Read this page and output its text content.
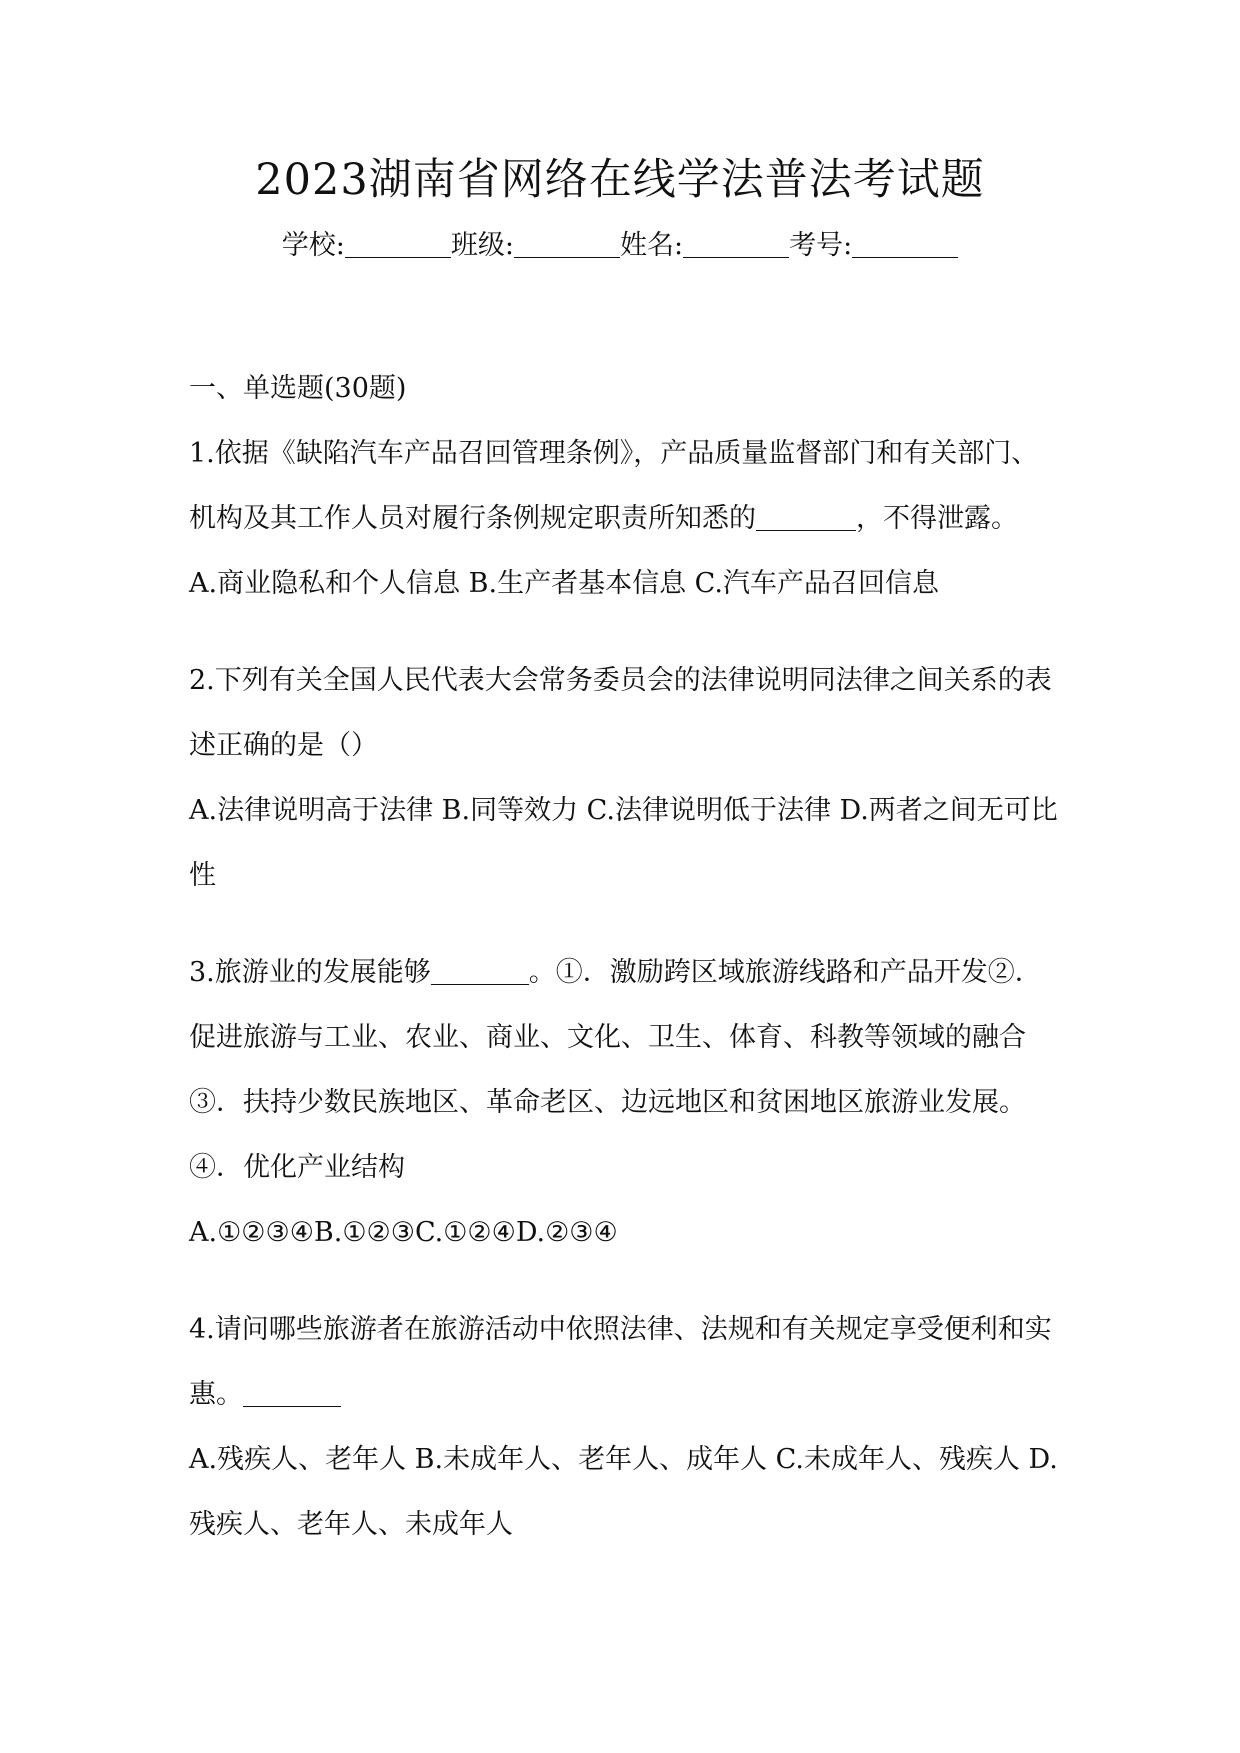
2023湖南省网络在线学法普法考试题
学校:	班级:	姓名:	考号:

一、单选题(30题)

1.依据《缺陷汽车产品召回管理条例》，产品质量监督部门和有关部门、机构及其工作人员对履行条例规定职责所知悉的	，不得泄露。

A.商业隐私和个人信息 B.生产者基本信息 C.汽车产品召回信息

2.下列有关全国人民代表大会常务委员会的法律说明同法律之间关系的表述正确的是（）

A.法律说明高于法律 B.同等效力 C.法律说明低于法律 D.两者之间无可比性

3.旅游业的发展能够	。①．激励跨区域旅游线路和产品开发②．促进旅游与工业、农业、商业、文化、卫生、体育、科教等领域的融合③．扶持少数民族地区、革命老区、边远地区和贫困地区旅游业发展。④．优化产业结构

A.①②③④B.①②③C.①②④D.②③④

4.请问哪些旅游者在旅游活动中依照法律、法规和有关规定享受便利和实惠。

A.残疾人、老年人 B.未成年人、老年人、成年人 C.未成年人、残疾人 D.残疾人、老年人、未成年人
